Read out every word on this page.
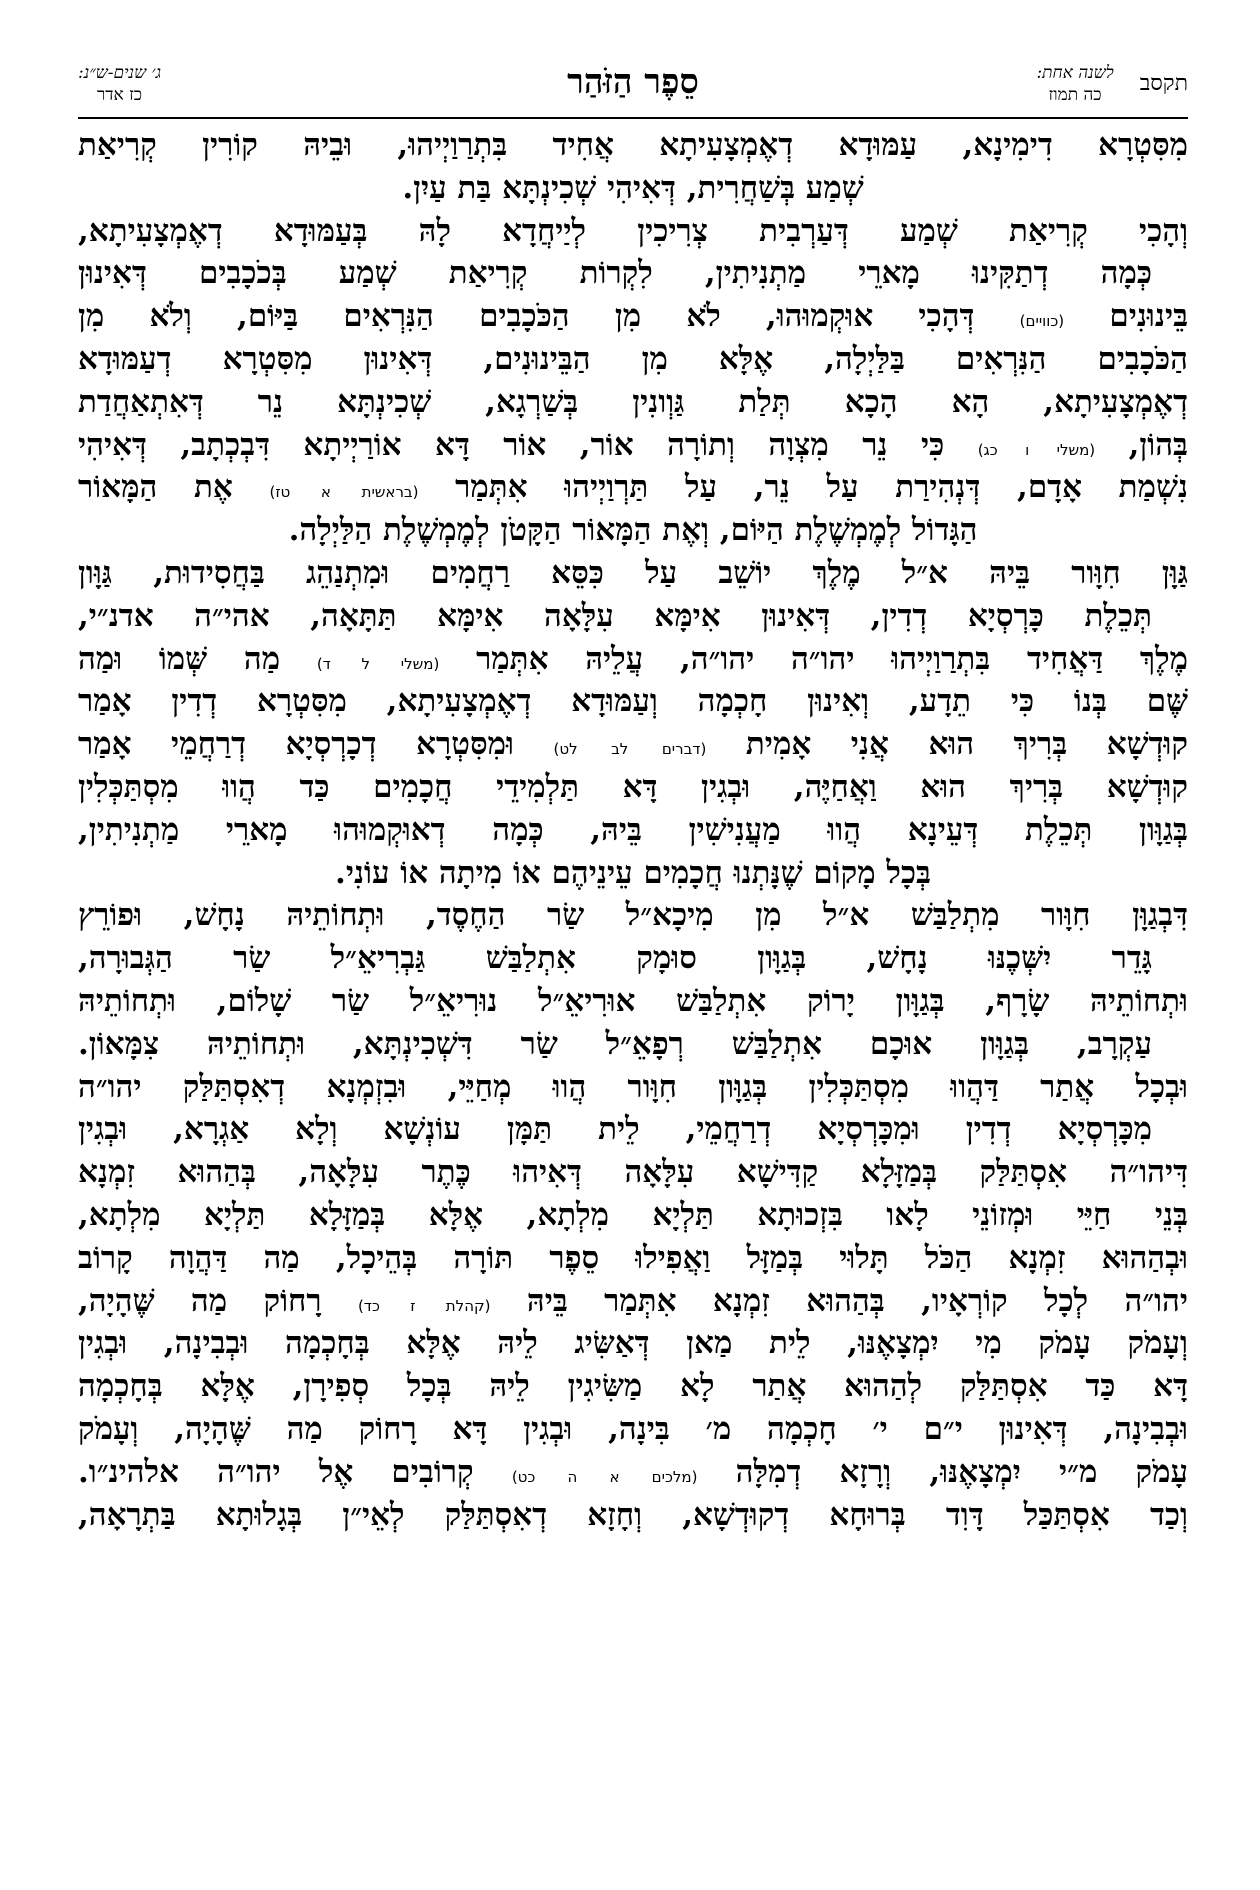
תקסב
לשנה אחת:
כה תמוז
סֵפֶר הַזֹּהַר
ג׳ שנים-ש״נ:
כז אדר
מִסִּטְרָא דִימִינָא, עַמּוּדָא דְאֶמְצָעִיתָא אֲחִיד בִּתְרַוַיְיהוּ, וּבֵיהּ קוֹרִין קְרִיאַת
שְׁמַע בְּשַׁחֲרִית, דְּאִיהִי שְׁכִינְתָּא בַּת עַיִן.
וְהָכִי קְרִיאַת שְׁמַע דְּעַרְבִית צְרִיכִין לְיַיחֲדָא לָהּ בְּעַמּוּדָא דְאֶמְצָעִיתָא,
כְּמָה דְתַקִּינוּ מָארֵי מַתְנִיתִין, לִקְרוֹת קְרִיאַת שְׁמַע בְּכֹכָבִים דְּאִינוּן
בֵּינוּנִים (כוויים) דְּהָכִי אוּקְמוּהוּ, לֹא מִן הַכֹּכָבִים הַנִּרְאִים בַּיּוֹם, וְלֹא מִן
הַכֹּכָבִים הַנִּרְאִים בַּלַּיְלָה, אֶלָּא מִן הַבֵּינוּנִים, דְּאִינוּן מִסִּטְרָא דְעַמּוּדָא
דְאֶמְצָעִיתָא, הָא הָכָא תְּלַת גַּוְונִין בְּשַׁרְגָא, שְׁכִינְתָּא נֵר דְּאִתְאַחֲדַת
בְּהוֹן, (משלי ו כג) כִּי נֵר מִצְוָה וְתוֹרָה אוֹר, אוֹר דָּא אוֹרַיְיתָא דִּבְכְתָב, דְּאִיהִי
נִשְׁמַת אָדָם, דְּנְהִירַת עַל נֵר, עַל תַּרְוַיְיהוּ אִתְּמַר (בראשית א טז) אֶת הַמָּאוֹר
הַגָּדוֹל לְמֶמְשֶׁלֶת הַיּוֹם, וְאֶת הַמָּאוֹר הַקָּטֹן לְמֶמְשֶׁלֶת הַלַּיְלָה.
גַּוָּן חִוָּור בֵּיהּ א״ל מֶלֶךְ יוֹשֵׁב עַל כִּסֵּא רַחֲמִים וּמִתְנַהֵג בַּחֲסִידוּת, גַּוָּון
תְּכֵלֶת כָּרְסְיָא דְדִין, דְּאִינוּן אִימָּא עִלָּאָה אִימָּא תַּתָּאָה, אהי״ה אדנ״י,
מֶלֶךְ דַּאֲחִיד בִּתְרַוַיְיהוּ יהו״ה יהו״ה, עֲלֵיהּ אִתְּמַר (משלי ל ד) מַה שְּׁמוֹ וּמַה
שֶּׁם בְּנוֹ כִּי תֵדָע, וְאִינוּן חָכְמָה וְעַמּוּדָא דְאֶמְצָעִיתָא, מִסִּטְרָא דְדִין אָמַר
קוּדְשָׁא בְּרִיךְ הוּא אֲנִי אָמִית (דברים לב לט) וּמִסִּטְרָא דְכָרְסְיָא דְרַחֲמֵי אָמַר
קוּדְשָׁא בְּרִיךְ הוּא וַאֲחַיֶּה, וּבְגִין דָּא תַּלְמִידֵי חֲכָמִים כַּד הֲווּ מִסְתַּכְּלִין
בְּגַוָּון תְּכֵלֶת דְּעֵינָא הֲווּ מַעֲנִישִׁין בֵּיהּ, כְּמָה דְאוּקְמוּהוּ מָארֵי מַתְנִיתִין,
בְּכָל מָקוֹם שֶׁנָּתְנוּ חֲכָמִים עֵינֵיהֶם אוֹ מִיתָה אוֹ עוֹנִי.
דִּבְגַוָּן חִוָּור מִתְלַבַּשׁ א״ל מִן מִיכָא״ל שַׂר הַחֶסֶד, וּתְחוֹתֵיהּ נָחָשׁ, וּפוֹרֵץ
גָּדֵר יִשְּׁכֶנּוּ נָחָשׁ, בְּגַוָּון סוּמָק אִתְלַבַּשׁ גַּבְרִיאֵ״ל שַׂר הַגְּבוּרָה,
וּתְחוֹתֵיהּ שָׂרָף, בְּגַוָּון יָרוֹק אִתְלַבַּשׁ אוּרִיאֵ״ל נוּרִיאֵ״ל שַׂר שָׁלוֹם, וּתְחוֹתֵיהּ
עַקְרָב, בְּגַוָּון אוּכָם אִתְלַבַּשׁ רְפָאֵ״ל שַׂר דִּשְׁכִינְתָּא, וּתְחוֹתֵיהּ צִמָּאוֹן.
וּבְכָל אֲתַר דַּהֲווּ מִסְתַּכְּלִין בְּגַוָּון חִוָּור הֲווּ מְחַיֵּי, וּבִזְמְנָא דְאִסְתַּלַּק יהו״ה
מִכָּרְסְיָא דְדִין וּמִכָּרְסְיָא דְרַחֲמֵי, לֵית תַּמָּן עוֹנְשָׁא וְלָא אַגְרָא, וּבְגִין
דִּיהו״ה אִסְתַּלַּק בְּמַזָּלָא קַדִּישָׁא עִלָּאָה דְּאִיהוּ כֶּתֶר עִלָּאָה, בְּהַהוּא זִמְנָא
בְּנֵי חַיֵּי וּמְזוֹנֵי לָאו בִּזְכוּתָא תַּלְיָא מִלְתָא, אֶלָּא בְּמַזָּלָא תַּלְיָא מִלְתָא,
וּבְהַהוּא זִמְנָא הַכֹּל תָּלוּי בְּמַזָּל וַאֲפִילוּ סֵפֶר תּוֹרָה בְּהֵיכָל, מַה דַּהֲוָה קָרוֹב
יהו״ה לְכָל קוֹרְאָיו, בְּהַהוּא זִמְנָא אִתְּמַר בֵּיהּ (קהלת ז כד) רָחוֹק מַה שֶּׁהָיָה,
וְעָמֹק עָמֹק מִי יִמְצָאֶנּוּ, לֵית מַאן דְּאַשִּׂיג לֵיהּ אֶלָּא בְּחָכְמָה וּבְבִינָה, וּבְגִין
דָּא כַּד אִסְתַּלַּק לְהַהוּא אֲתַר לָא מַשִּׂיגִין לֵיהּ בְּכָל סְפִירָן, אֶלָּא בְּחָכְמָה
וּבְבִינָה, דְּאִינוּן י״ם י׳ חָכְמָה מ׳ בִּינָה, וּבְגִין דָּא רָחוֹק מַה שֶּׁהָיָה, וְעָמֹק
עָמֹק מ״י יִמְצָאֶנּוּ, וְרָזָא דְמִלָּה (מלכים א ה כט) קְרוֹבִים אֶל יהו״ה אלהינ״ו.
וְכַד אִסְתַּכַּל דָּוִד בְּרוּחָא דְקוּדְשָׁא, וְחָזָא דְאִסְתַּלַּק לְאֵי״ן בְּגָלוּתָא בַּתְרָאָה,
